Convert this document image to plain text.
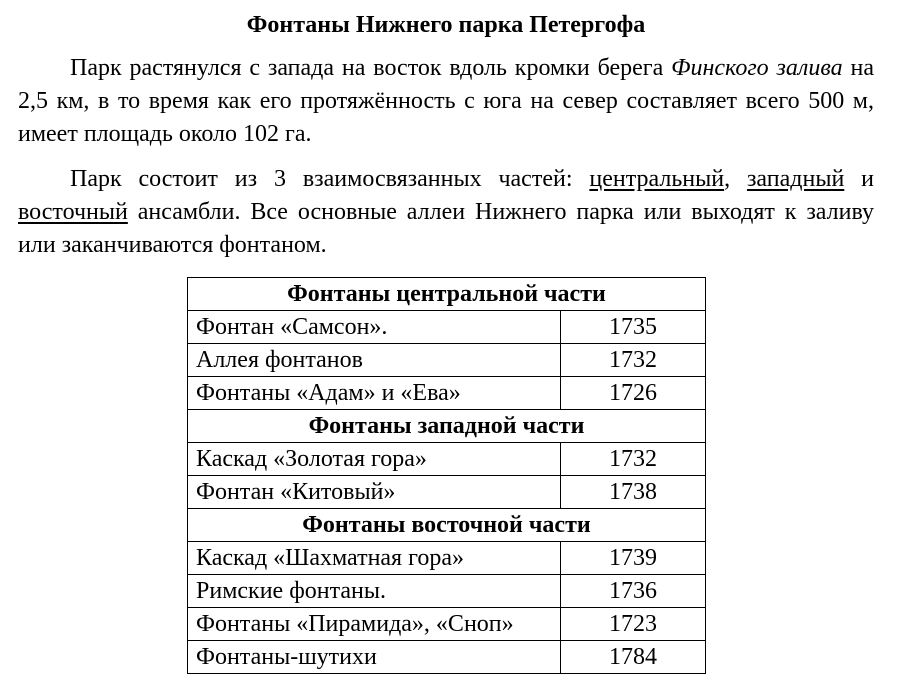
Фонтаны Нижнего парка Петергофа

Парк растянулся с запада на восток вдоль кромки берега Финского залива на 2,5 км, в то время как его протяжённость с юга на север составляет всего 500 м, имеет площадь около 102 га.

Парк состоит из 3 взаимосвязанных частей: центральный, западный и восточный ансамбли. Все основные аллеи Нижнего парка или выходят к заливу или заканчиваются фонтаном.

Фонтаны центральной части	
Фонтан «Самсон».	1735
Аллея фонтанов	1732
Фонтаны «Адам» и «Ева»	1726
Фонтаны западной части	
Каскад «Золотая гора»	1732
Фонтан «Китовый»	1738
Фонтаны восточной части	
Каскад «Шахматная гора»	1739
Римские фонтаны.	1736
Фонтаны «Пирамида», «Сноп»	1723
Фонтаны-шутихи	1784
